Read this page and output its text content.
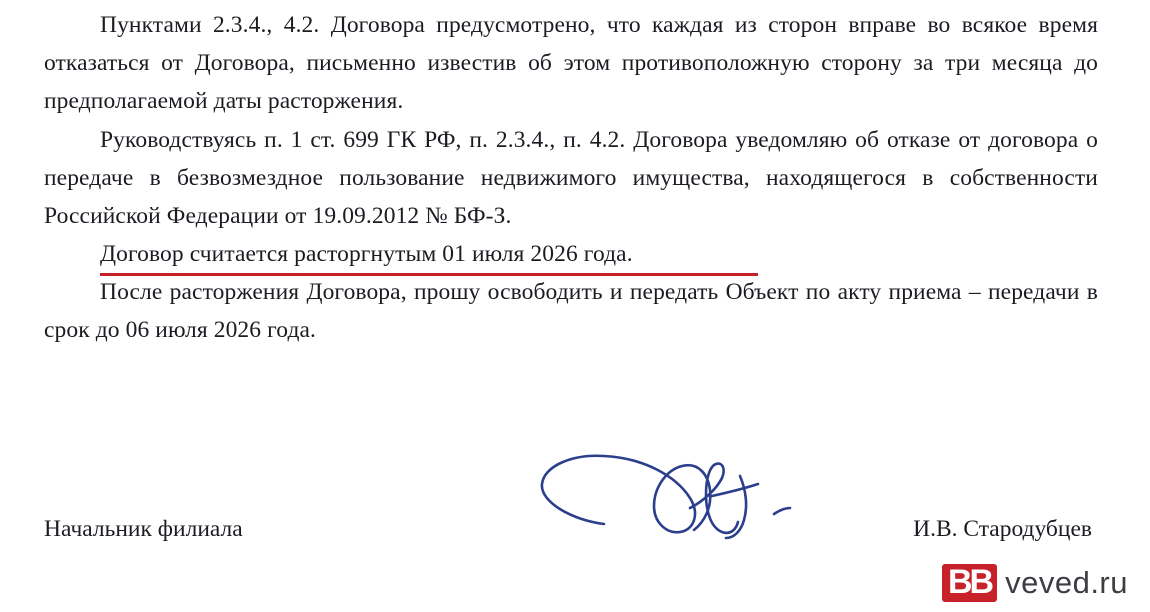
Пунктами 2.3.4., 4.2. Договора предусмотрено, что каждая из сторон вправе во всякое время отказаться от Договора, письменно известив об этом противоположную сторону за три месяца до предполагаемой даты расторжения.

Руководствуясь п. 1 ст. 699 ГК РФ, п. 2.3.4., п. 4.2. Договора уведомляю об отказе от договора о передаче в безвозмездное пользование недвижимого имущества, находящегося в собственности Российской Федерации от 19.09.2012 № БФ-З.

Договор считается расторгнутым 01 июля 2026 года.

После расторжения Договора, прошу освободить и передать Объект по акту приема – передачи в срок до 06 июля 2026 года.

Начальник филиала	И.В. Стародубцев
BB veved.ru
